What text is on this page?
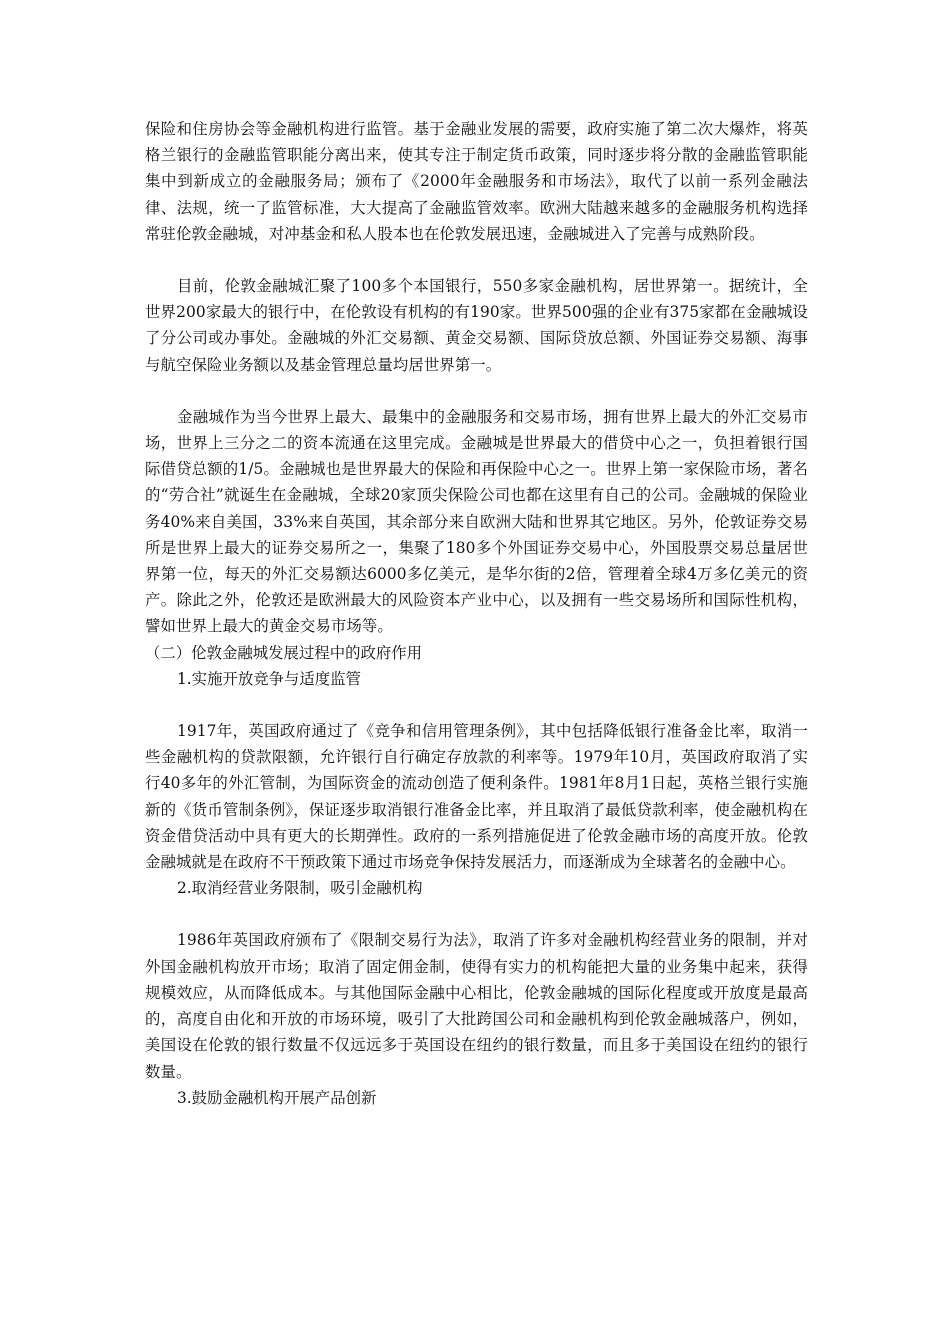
保险和住房协会等金融机构进行监管。基于金融业发展的需要，政府实施了第二次大爆炸，将英格兰银行的金融监管职能分离出来，使其专注于制定货币政策，同时逐步将分散的金融监管职能集中到新成立的金融服务局；颁布了《2000年金融服务和市场法》，取代了以前一系列金融法律、法规，统一了监管标准，大大提高了金融监管效率。欧洲大陆越来越多的金融服务机构选择常驻伦敦金融城，对冲基金和私人股本也在伦敦发展迅速，金融城进入了完善与成熟阶段。

目前，伦敦金融城汇聚了100多个本国银行，550多家金融机构，居世界第一。据统计，全世界200家最大的银行中，在伦敦设有机构的有190家。世界500强的企业有375家都在金融城设了分公司或办事处。金融城的外汇交易额、黄金交易额、国际贷放总额、外国证券交易额、海事与航空保险业务额以及基金管理总量均居世界第一。

金融城作为当今世界上最大、最集中的金融服务和交易市场，拥有世界上最大的外汇交易市场，世界上三分之二的资本流通在这里完成。金融城是世界最大的借贷中心之一，负担着银行国际借贷总额的1/5。金融城也是世界最大的保险和再保险中心之一。世界上第一家保险市场，著名的“劳合社”就诞生在金融城，全球20家顶尖保险公司也都在这里有自己的公司。金融城的保险业务40%来自美国，33%来自英国，其余部分来自欧洲大陆和世界其它地区。另外，伦敦证券交易所是世界上最大的证券交易所之一，集聚了180多个外国证券交易中心，外国股票交易总量居世界第一位，每天的外汇交易额达6000多亿美元，是华尔街的2倍，管理着全球4万多亿美元的资产。除此之外，伦敦还是欧洲最大的风险资本产业中心，以及拥有一些交易场所和国际性机构，譬如世界上最大的黄金交易市场等。

（二）伦敦金融城发展过程中的政府作用

1.实施开放竞争与适度监管

1917年，英国政府通过了《竞争和信用管理条例》，其中包括降低银行准备金比率，取消一些金融机构的贷款限额，允许银行自行确定存放款的利率等。1979年10月，英国政府取消了实行40多年的外汇管制，为国际资金的流动创造了便利条件。1981年8月1日起，英格兰银行实施新的《货币管制条例》，保证逐步取消银行准备金比率，并且取消了最低贷款利率，使金融机构在资金借贷活动中具有更大的长期弹性。政府的一系列措施促进了伦敦金融市场的高度开放。伦敦金融城就是在政府不干预政策下通过市场竞争保持发展活力，而逐渐成为全球著名的金融中心。

2.取消经营业务限制，吸引金融机构

1986年英国政府颁布了《限制交易行为法》，取消了许多对金融机构经营业务的限制，并对外国金融机构放开市场；取消了固定佣金制，使得有实力的机构能把大量的业务集中起来，获得规模效应，从而降低成本。与其他国际金融中心相比，伦敦金融城的国际化程度或开放度是最高的，高度自由化和开放的市场环境，吸引了大批跨国公司和金融机构到伦敦金融城落户，例如，美国设在伦敦的银行数量不仅远远多于英国设在纽约的银行数量，而且多于美国设在纽约的银行数量。

3.鼓励金融机构开展产品创新
